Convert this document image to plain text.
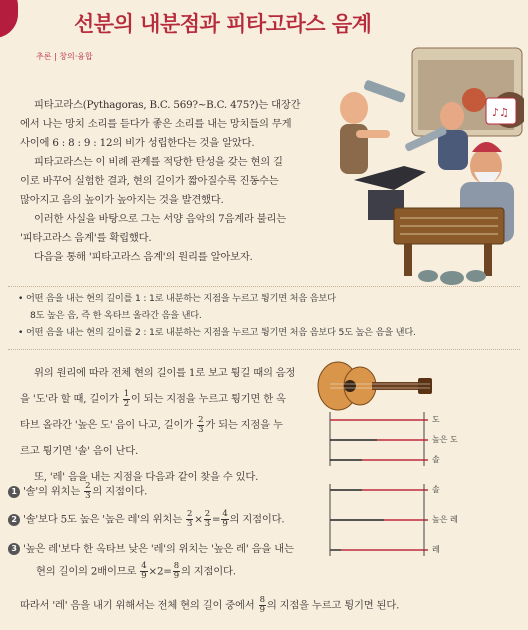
선분의 내분점과 피타고라스 음계
추론 | 창의·융합
♪♫
피타고라스(Pythagoras, B.C. 569?~B.C. 475?)는 대장간
에서 나는 망치 소리를 듣다가 좋은 소리를 내는 망치들의 무게
사이에 6 : 8 : 9 : 12의 비가 성립한다는 것을 알았다.
피타고라스는 이 비례 관계를 적당한 탄성을 갖는 현의 길
이로 바꾸어 실험한 결과, 현의 길이가 짧아질수록 진동수는
많아지고 음의 높이가 높아지는 것을 발견했다.
이러한 사실을 바탕으로 그는 서양 음악의 7음계라 불리는
'피타고라스 음계'를 확립했다.
다음을 통해 '피타고라스 음계'의 원리를 알아보자.
• 어떤 음을 내는 현의 길이를 1 : 1로 내분하는 지점을 누르고 튕기면 처음 음보다
8도 높은 음, 즉 한 옥타브 올라간 음을 낸다.
• 어떤 음을 내는 현의 길이를 2 : 1로 내분하는 지점을 누르고 튕기면 처음 음보다 5도 높은 음을 낸다.
위의 원리에 따라 전체 현의 길이를 1로 보고 튕길 때의 음정
을 '도'라 할 때, 길이가 $\frac{1}{2}$ 이 되는 지점을 누르고 튕기면 한 옥
타브 올라간 '높은 도' 음이 나고, 길이가 $\frac{2}{3}$ 가 되는 지점을 누
르고 튕기면 '솔' 음이 난다.
또, '레' 음을 내는 지점을 다음과 같이 찾을 수 있다.
1 '솔'의 위치는 $\frac{2}{3}$ 의 지점이다.
2 '솔'보다 5도 높은 '높은 레'의 위치는 $\frac{2}{3} \times \frac{2}{3} = \frac{4}{9}$ 의 지점이다.
3 '높은 레'보다 한 옥타브 낮은 '레'의 위치는 '높은 레' 음을 내는
현의 길이의 2배이므로 $\frac{4}{9} \times 2= \frac{8}{9}$ 의 지점이다.
따라서 '레' 음을 내기 위해서는 전체 현의 길이 중에서 $\frac{8}{9}$ 의 지점을 누르고 튕기면 된다.
도
높은 도
솔
솔
높은 레
레
